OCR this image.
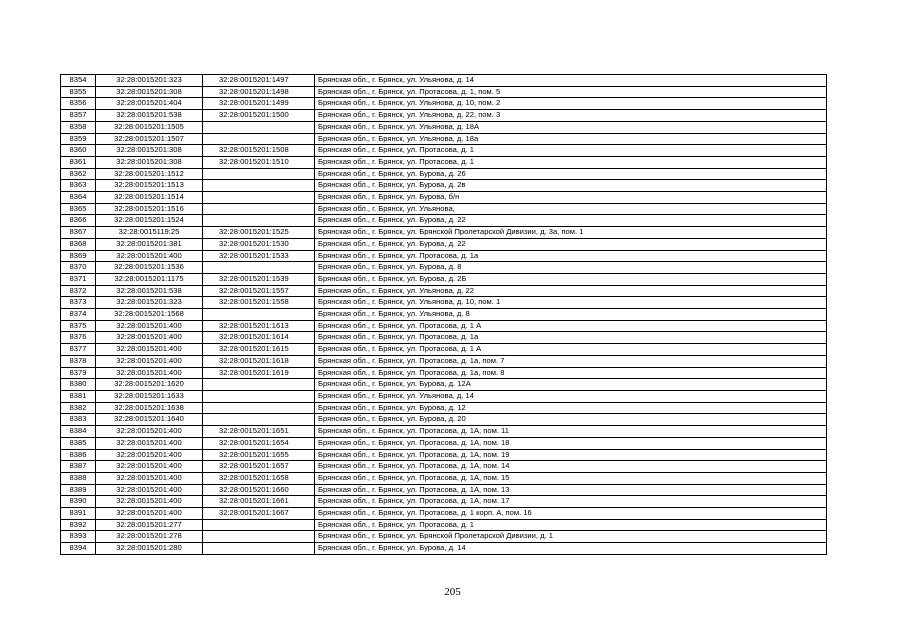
8354	32:28:0015201:323	32:28:0015201:1497	Брянская обл., г. Брянск, ул. Ульянова, д. 14
8355	32:28:0015201:308	32:28:0015201:1498	Брянская обл., г. Брянск, ул. Протасова, д. 1, пом. 5
8356	32:28:0015201:404	32:28:0015201:1499	Брянская обл., г. Брянск, ул. Ульянова, д. 10, пом. 2
8357	32:28:0015201:538	32:28:0015201:1500	Брянская обл., г. Брянск, ул. Ульянова, д. 22, пом. 3
8358	32:28:0015201:1505		Брянская обл., г. Брянск, ул. Ульянова, д. 18А
8359	32:28:0015201:1507		Брянская обл., г. Брянск, ул. Ульянова, д. 18а
8360	32:28:0015201:308	32:28:0015201:1508	Брянская обл., г. Брянск, ул. Протасова, д. 1
8361	32:28:0015201:308	32:28:0015201:1510	Брянская обл., г. Брянск, ул. Протасова, д. 1
8362	32:28:0015201:1512		Брянская обл., г. Брянск, ул. Бурова, д. 26
8363	32:28:0015201:1513		Брянская обл., г. Брянск, ул. Бурова, д. 2в
8364	32:28:0015201:1514		Брянская обл., г. Брянск, ул. Бурова, б/н
8365	32:28:0015201:1516		Брянская обл., г. Брянск, ул. Ульянова,
8366	32:28:0015201:1524		Брянская обл., г. Брянск, ул. Бурова, д. 22
8367	32:28:0015119:25	32:28:0015201:1525	Брянская обл., г. Брянск, ул. Брянской Пролетарской Дивизии, д. 3а, пом. 1
8368	32:28:0015201:381	32:28:0015201:1530	Брянская обл., г. Брянск, ул. Бурова, д. 22
8369	32:28:0015201:400	32:28:0015201:1533	Брянская обл., г. Брянск, ул. Протасова, д. 1а
8370	32:28:0015201:1536		Брянская обл., г. Брянск, ул. Бурова, д. 8
8371	32:28:0015201:1175	32:28:0015201:1539	Брянская обл., г. Брянск, ул. Бурова, д. 2Б
8372	32:28:0015201:538	32:28:0015201:1557	Брянская обл., г. Брянск, ул. Ульянова, д. 22
8373	32:28:0015201:323	32:28:0015201:1558	Брянская обл., г. Брянск, ул. Ульянова, д. 10, пом. 1
8374	32:28:0015201:1568		Брянская обл., г. Брянск, ул. Ульянова, д. 8
8375	32:28:0015201:400	32:28:0015201:1613	Брянская обл., г. Брянск, ул. Протасова, д. 1 А
8376	32:28:0015201:400	32:28:0015201:1614	Брянская обл., г. Брянск, ул. Протасова, д. 1а
8377	32:28:0015201:400	32:28:0015201:1615	Брянская обл., г. Брянск, ул. Протасова, д. 1 А
8378	32:28:0015201:400	32:28:0015201:1618	Брянская обл., г. Брянск, ул. Протасова, д. 1а, пом. 7
8379	32:28:0015201:400	32:28:0015201:1619	Брянская обл., г. Брянск, ул. Протасова, д. 1а, пом. 8
8380	32:28:0015201:1620		Брянская обл., г. Брянск, ул. Бурова, д. 12А
8381	32:28:0015201:1633		Брянская обл., г. Брянск, ул. Ульянова, д. 14
8382	32:28:0015201:1638		Брянская обл., г. Брянск, ул. Бурова, д. 12
8383	32:28:0015201:1640		Брянская обл., г. Брянск, ул. Бурова, д. 20
8384	32:28:0015201:400	32:28:0015201:1651	Брянская обл., г. Брянск, ул. Протасова, д. 1А, пом. 11
8385	32:28:0015201:400	32:28:0015201:1654	Брянская обл., г. Брянск, ул. Протасова, д. 1А, пом. 18
8386	32:28:0015201:400	32:28:0015201:1655	Брянская обл., г. Брянск, ул. Протасова, д. 1А, пом. 19
8387	32:28:0015201:400	32:28:0015201:1657	Брянская обл., г. Брянск, ул. Протасова, д. 1А, пом. 14
8388	32:28:0015201:400	32:28:0015201:1658	Брянская обл., г. Брянск, ул. Протасова, д. 1А, пом. 15
8389	32:28:0015201:400	32:28:0015201:1660	Брянская обл., г. Брянск, ул. Протасова, д. 1А, пом. 13
8390	32:28:0015201:400	32:28:0015201:1661	Брянская обл., г. Брянск, ул. Протасова, д. 1А, пом. 17
8391	32:28:0015201:400	32:28:0015201:1667	Брянская обл., г. Брянск, ул. Протасова, д. 1 корп. А, пом. 16
8392	32:28:0015201:277		Брянская обл., г. Брянск, ул. Протасова, д. 1
8393	32:28:0015201:278		Брянская обл., г. Брянск, ул. Брянской Пролетарской Дивизии, д. 1
8394	32:28:0015201:280		Брянская обл., г. Брянск, ул. Бурова, д. 14
205
